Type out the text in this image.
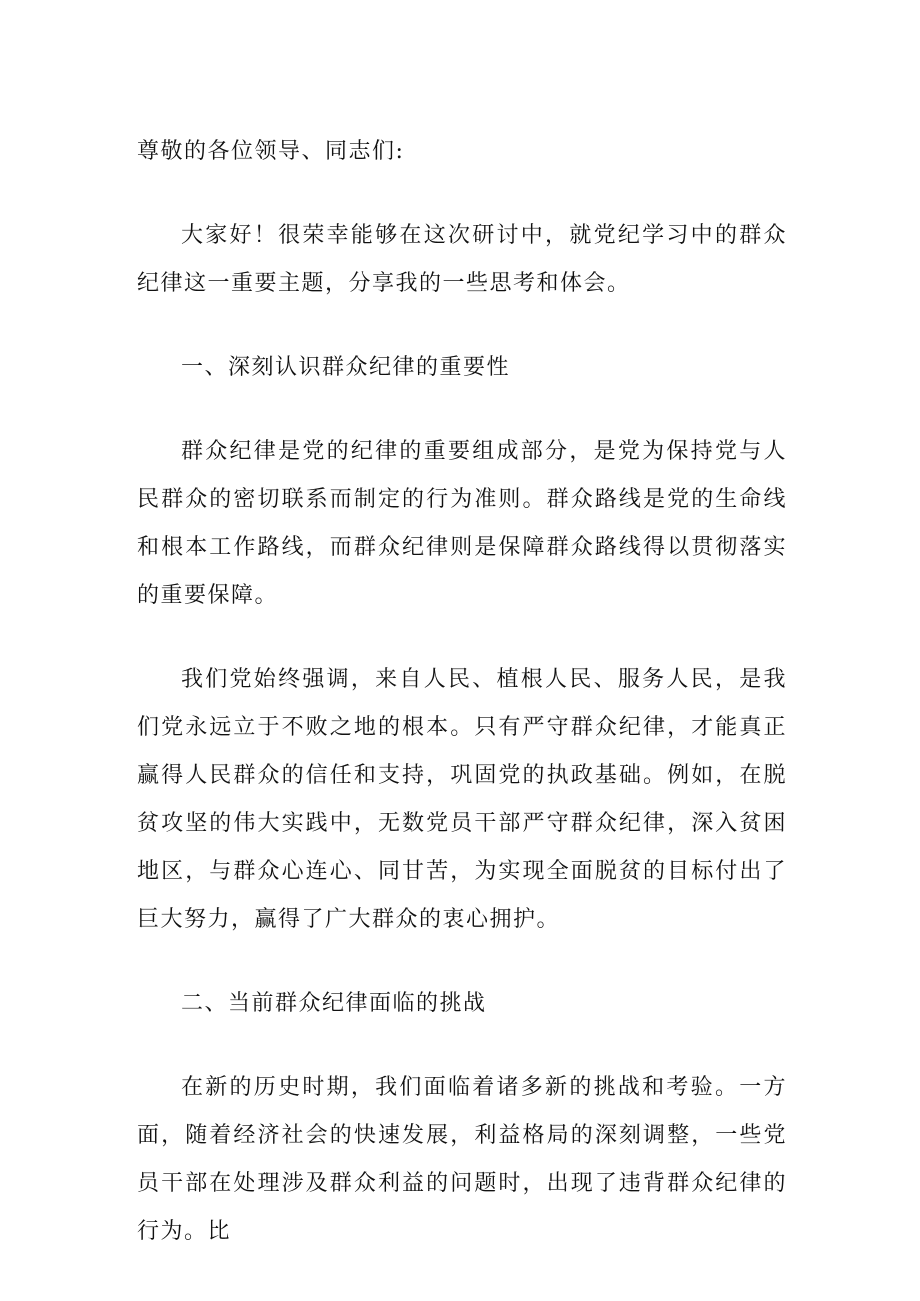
尊敬的各位领导、同志们:

大家好！很荣幸能够在这次研讨中，就党纪学习中的群众纪律这一重要主题，分享我的一些思考和体会。

一、深刻认识群众纪律的重要性

群众纪律是党的纪律的重要组成部分，是党为保持党与人民群众的密切联系而制定的行为准则。群众路线是党的生命线和根本工作路线，而群众纪律则是保障群众路线得以贯彻落实的重要保障。

我们党始终强调，来自人民、植根人民、服务人民，是我们党永远立于不败之地的根本。只有严守群众纪律，才能真正赢得人民群众的信任和支持，巩固党的执政基础。例如，在脱贫攻坚的伟大实践中，无数党员干部严守群众纪律，深入贫困地区，与群众心连心、同甘苦，为实现全面脱贫的目标付出了巨大努力，赢得了广大群众的衷心拥护。

二、当前群众纪律面临的挑战

在新的历史时期，我们面临着诸多新的挑战和考验。一方面，随着经济社会的快速发展，利益格局的深刻调整，一些党员干部在处理涉及群众利益的问题时，出现了违背群众纪律的行为。比
